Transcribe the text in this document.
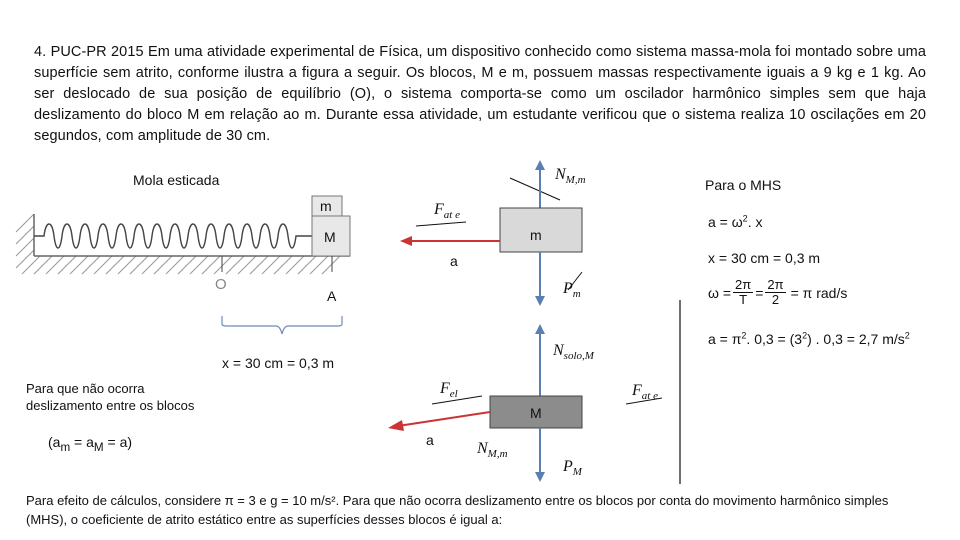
4. PUC-PR 2015 Em uma atividade experimental de Física, um dispositivo conhecido como sistema massa-mola foi montado sobre uma superfície sem atrito, conforme ilustra a figura a seguir. Os blocos, M e m, possuem massas respectivamente iguais a 9 kg e 1 kg. Ao ser deslocado de sua posição de equilíbrio (O), o sistema comporta-se como um oscilador harmônico simples sem que haja deslizamento do bloco M em relação ao m. Durante essa atividade, um estudante verificou que o sistema realiza 10 oscilações em 20 segundos, com amplitude de 30 cm.
Mola esticada
m
M
O
A
x = 30 cm = 0,3 m
Para que não ocorra
deslizamento entre os blocos
$(a_m = a_M = a)$
$N_{M,m}$
$F_{at e}$
m
a
$P_m$
$N_{solo,M}$
$F_{el}$	$F_{at e}$
M
a	$N_{M,m}$
$P_M$
Para o MHS
$a = \omega^2$. x
x = 30 cm = 0,3 m
$\omega = \frac{2\pi}{T} = \frac{2\pi}{2} = \pi$ rad/s
$a = \pi^2$. $0,3 = (3^2)$ . 0,3 = 2,7 $m/s^2$
Para efeito de cálculos, considere π = 3 e g = 10 m/s². Para que não ocorra deslizamento entre os blocos por conta do movimento harmônico simples (MHS), o coeficiente de atrito estático entre as superfícies desses blocos é igual a:
